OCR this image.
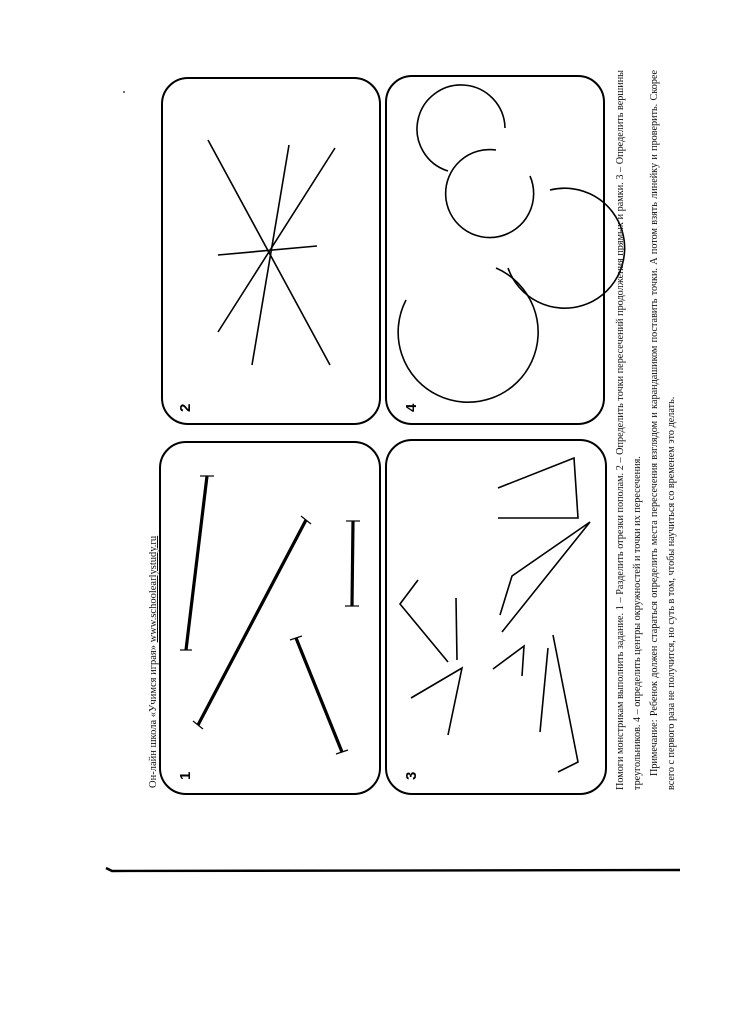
Он-лайн школа «Учимся играя» www.schoolearlystudy.ru
1
2
3
4	Помоги монстрикам выполнить задание. 1 – Разделить отрезки пополам. 2 – Определить точки пересечений продолжения прямых и рамки. 3 – Определить вершины треугольников. 4 – определить центры окружностей и точки их пересечения. Примечание: Ребенок должен стараться определить места пересечения взглядом и карандашиком поставить точки. А потом взять линейку и проверить. Скорее всего с первого раза не получится, но суть в том, чтобы научиться со временем это делать.
